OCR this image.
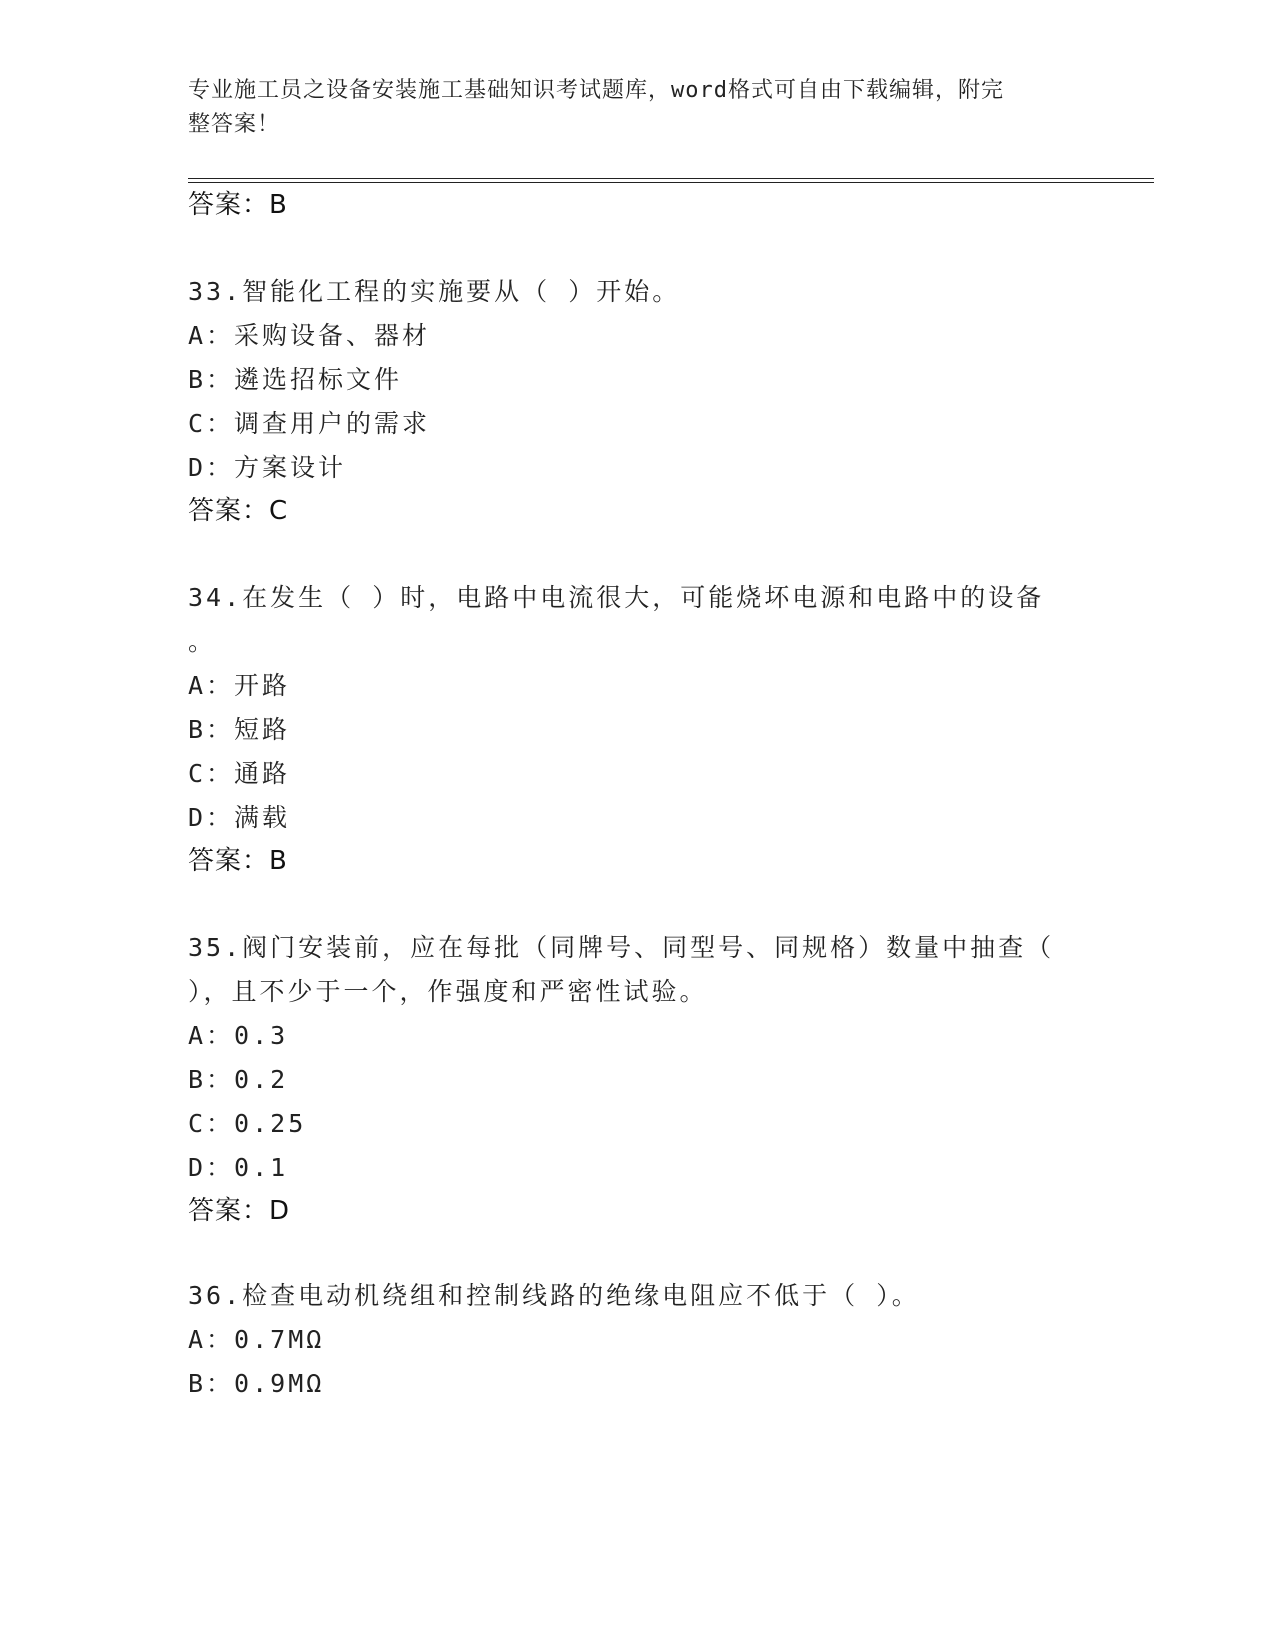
专业施工员之设备安装施工基础知识考试题库，word格式可自由下载编辑，附完
整答案！
答案：B
33.智能化工程的实施要从（ ）开始。
A：采购设备、器材
B：遴选招标文件
C：调查用户的需求
D：方案设计
答案：C
34.在发生（ ）时，电路中电流很大，可能烧坏电源和电路中的设备
。
A：开路
B：短路
C：通路
D：满载
答案：B
35.阀门安装前，应在每批（同牌号、同型号、同规格）数量中抽查（
），且不少于一个，作强度和严密性试验。
A：0.3
B：0.2
C：0.25
D：0.1
答案：D
36.检查电动机绕组和控制线路的绝缘电阻应不低于（ ）。
A：0.7MΩ
B：0.9MΩ
